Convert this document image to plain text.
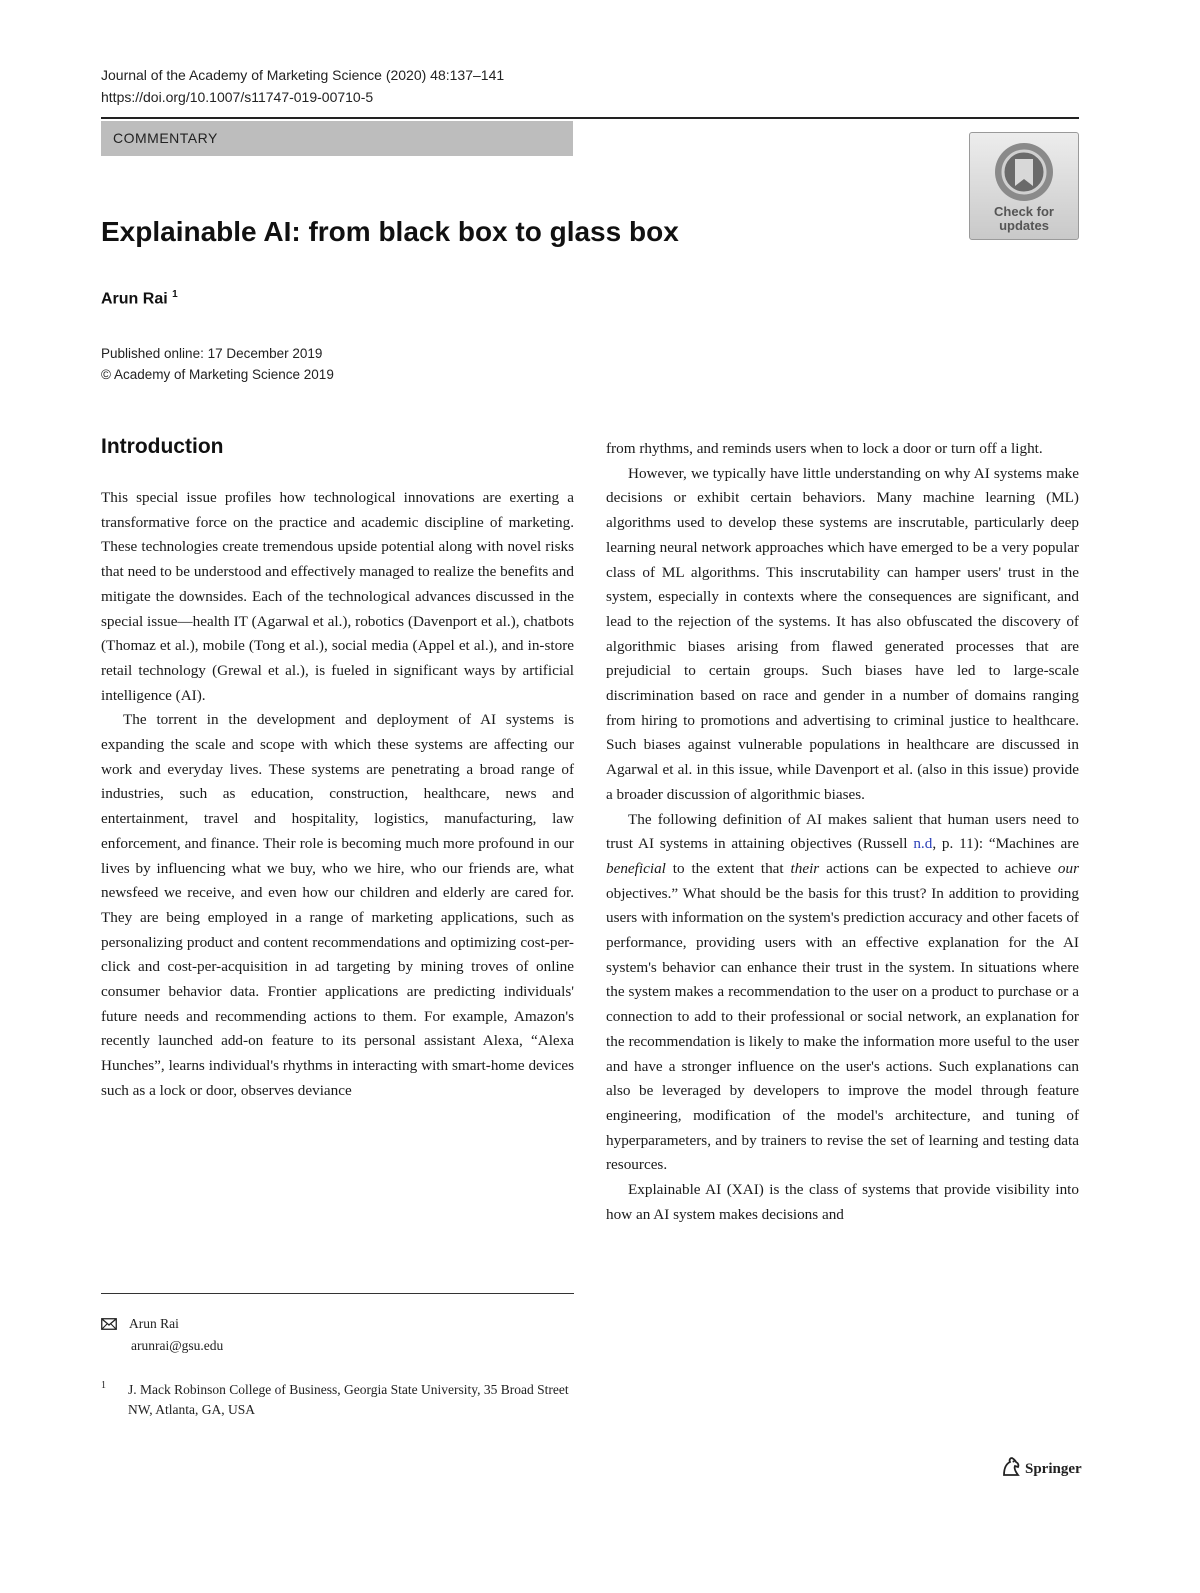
Journal of the Academy of Marketing Science (2020) 48:137–141
https://doi.org/10.1007/s11747-019-00710-5
COMMENTARY
Check for updates
Explainable AI: from black box to glass box
Arun Rai $^1$
Published online: 17 December 2019
© Academy of Marketing Science 2019
Introduction

This special issue profiles how technological innovations are exerting a transformative force on the practice and academic discipline of marketing. These technologies create tremendous upside potential along with novel risks that need to be understood and effectively managed to realize the benefits and mitigate the downsides. Each of the technological advances discussed in the special issue—health IT (Agarwal et al.), robotics (Davenport et al.), chatbots (Thomaz et al.), mobile (Tong et al.), social media (Appel et al.), and in-store retail technology (Grewal et al.), is fueled in significant ways by artificial intelligence (AI).

The torrent in the development and deployment of AI systems is expanding the scale and scope with which these systems are affecting our work and everyday lives. These systems are penetrating a broad range of industries, such as education, construction, healthcare, news and entertainment, travel and hospitality, logistics, manufacturing, law enforcement, and finance. Their role is becoming much more profound in our lives by influencing what we buy, who we hire, who our friends are, what newsfeed we receive, and even how our children and elderly are cared for. They are being employed in a range of marketing applications, such as personalizing product and content recommendations and optimizing cost-per-click and cost-per-acquisition in ad targeting by mining troves of online consumer behavior data. Frontier applications are predicting individuals' future needs and recommending actions to them. For example, Amazon's recently launched add-on feature to its personal assistant Alexa, “Alexa Hunches”, learns individual's rhythms in interacting with smart-home devices such as a lock or door, observes deviance

from rhythms, and reminds users when to lock a door or turn off a light.

However, we typically have little understanding on why AI systems make decisions or exhibit certain behaviors. Many machine learning (ML) algorithms used to develop these systems are inscrutable, particularly deep learning neural network approaches which have emerged to be a very popular class of ML algorithms. This inscrutability can hamper users' trust in the system, especially in contexts where the consequences are significant, and lead to the rejection of the systems. It has also obfuscated the discovery of algorithmic biases arising from flawed generated processes that are prejudicial to certain groups. Such biases have led to large-scale discrimination based on race and gender in a number of domains ranging from hiring to promotions and advertising to criminal justice to healthcare. Such biases against vulnerable populations in healthcare are discussed in Agarwal et al. in this issue, while Davenport et al. (also in this issue) provide a broader discussion of algorithmic biases.

The following definition of AI makes salient that human users need to trust AI systems in attaining objectives (Russell n.d, p. 11): “Machines are beneficial to the extent that their actions can be expected to achieve our objectives.” What should be the basis for this trust? In addition to providing users with information on the system's prediction accuracy and other facets of performance, providing users with an effective explanation for the AI system's behavior can enhance their trust in the system. In situations where the system makes a recommendation to the user on a product to purchase or a connection to add to their professional or social network, an explanation for the recommendation is likely to make the information more useful to the user and have a stronger influence on the user's actions. Such explanations can also be leveraged by developers to improve the model through feature engineering, modification of the model's architecture, and tuning of hyperparameters, and by trainers to revise the set of learning and testing data resources.

Explainable AI (XAI) is the class of systems that provide visibility into how an AI system makes decisions and

Arun Rai
arunrai@gsu.edu
1	J. Mack Robinson College of Business, Georgia State University, 35 Broad Street NW, Atlanta, GA, USA
Springer
